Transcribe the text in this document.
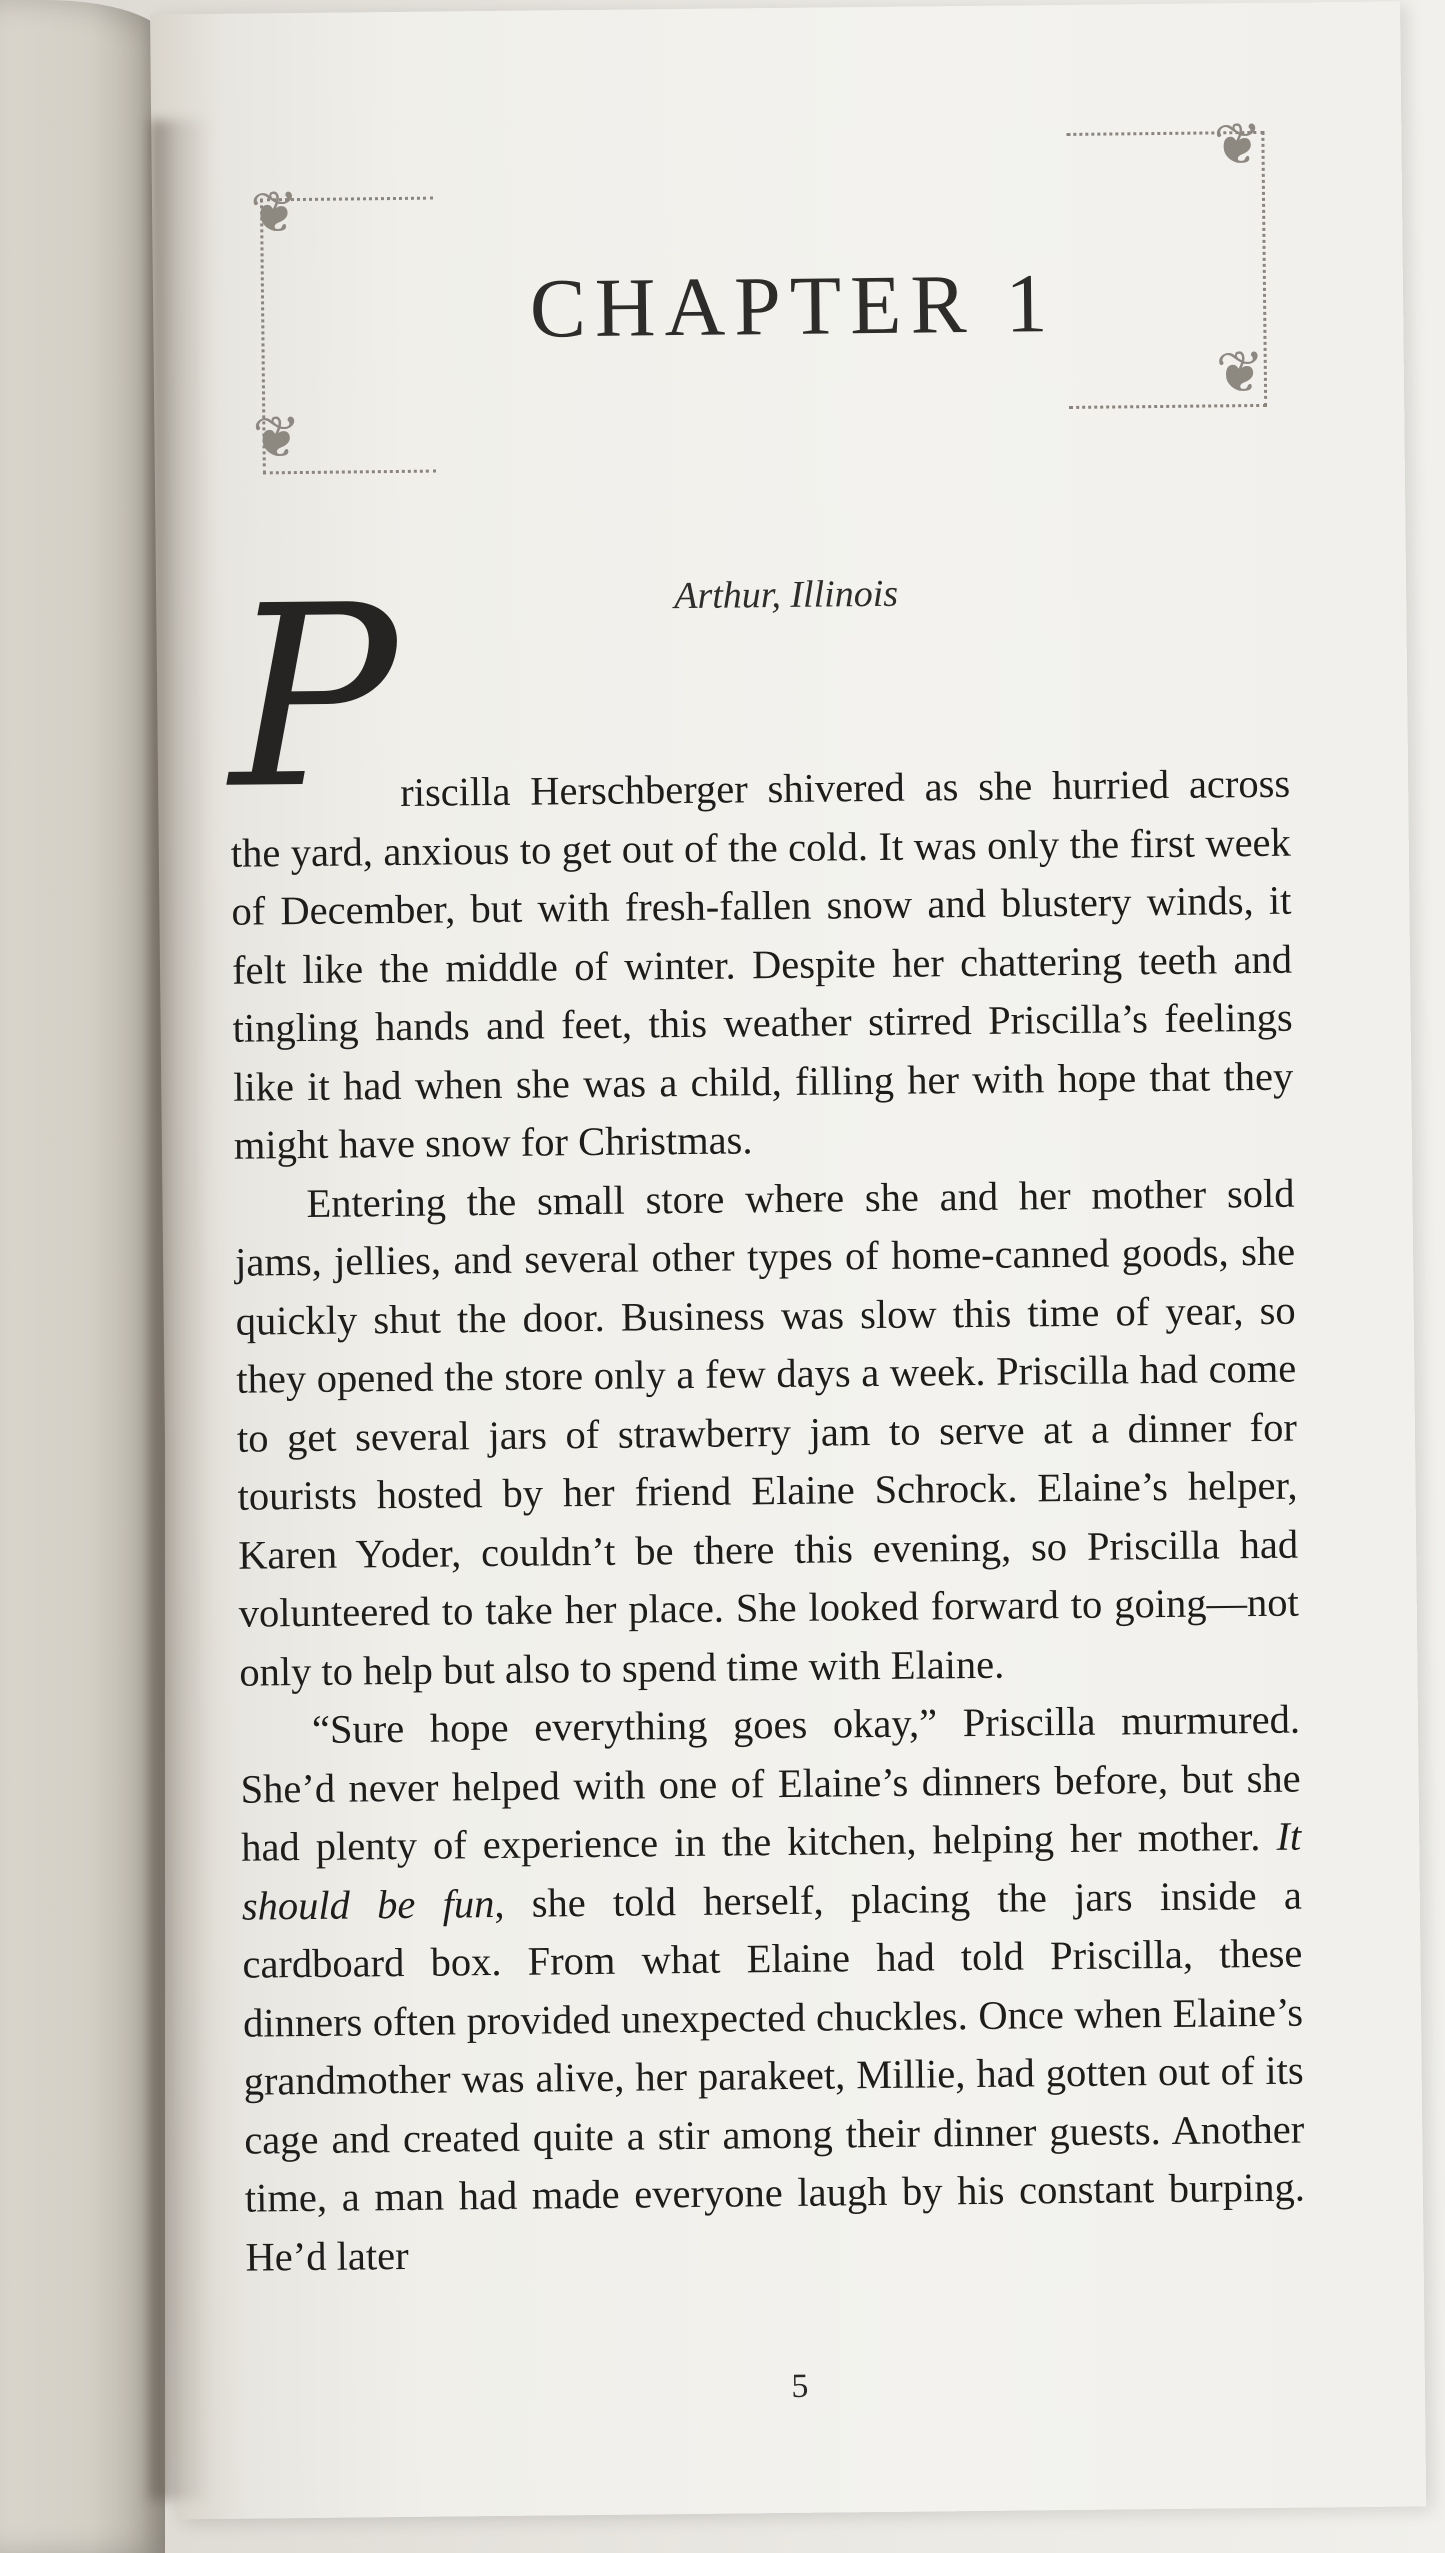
❦
❦
❦
❦
CHAPTER 1
Arthur, Illinois
P riscilla Herschberger shivered as she hurried across the yard, anxious to get out of the cold. It was only the first week of December, but with fresh-fallen snow and blustery winds, it felt like the middle of winter. Despite her chattering teeth and tingling hands and feet, this weather stirred Priscilla’s feelings like it had when she was a child, filling her with hope that they might have snow for Christmas.

Entering the small store where she and her mother sold jams, jellies, and several other types of home-canned goods, she quickly shut the door. Business was slow this time of year, so they opened the store only a few days a week. Priscilla had come to get several jars of strawberry jam to serve at a dinner for tourists hosted by her friend Elaine Schrock. Elaine’s helper, Karen Yoder, couldn’t be there this evening, so Priscilla had volunteered to take her place. She looked forward to going—not only to help but also to spend time with Elaine.

“Sure hope everything goes okay,” Priscilla murmured. She’d never helped with one of Elaine’s dinners before, but she had plenty of experience in the kitchen, helping her mother. It should be fun, she told herself, placing the jars inside a cardboard box. From what Elaine had told Priscilla, these dinners often provided unexpected chuckles. Once when Elaine’s grandmother was alive, her parakeet, Millie, had gotten out of its cage and created quite a stir among their dinner guests. Another time, a man had made everyone laugh by his constant burping. He’d later

5
